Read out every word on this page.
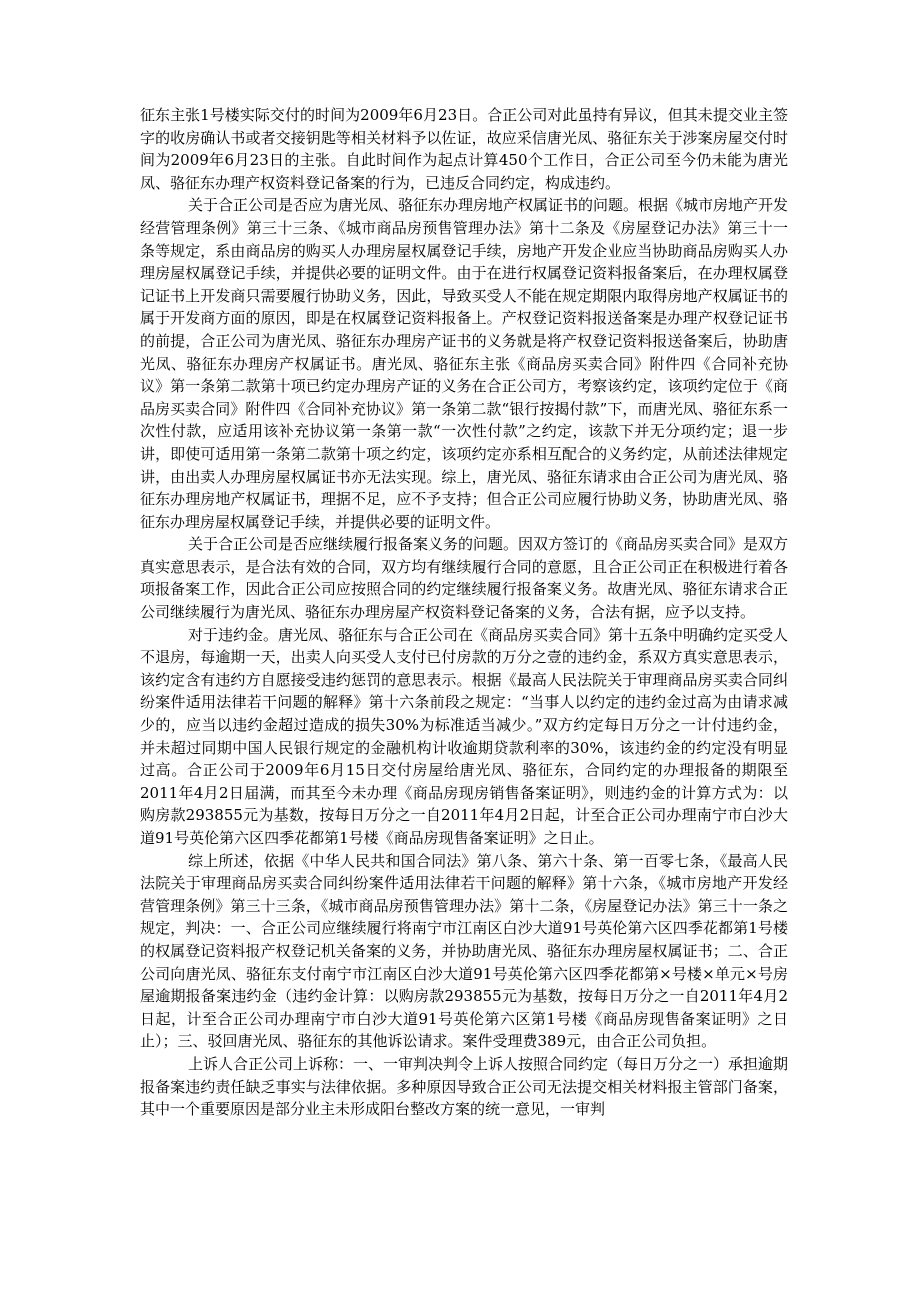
征东主张1号楼实际交付的时间为2009年6月23日。合正公司对此虽持有异议，但其未提交业主签字的收房确认书或者交接钥匙等相关材料予以佐证，故应采信唐光凤、骆征东关于涉案房屋交付时间为2009年6月23日的主张。自此时间作为起点计算450个工作日，合正公司至今仍未能为唐光凤、骆征东办理产权资料登记备案的行为，已违反合同约定，构成违约。

关于合正公司是否应为唐光凤、骆征东办理房地产权属证书的问题。根据《城市房地产开发经营管理条例》第三十三条、《城市商品房预售管理办法》第十二条及《房屋登记办法》第三十一条等规定，系由商品房的购买人办理房屋权属登记手续，房地产开发企业应当协助商品房购买人办理房屋权属登记手续，并提供必要的证明文件。由于在进行权属登记资料报备案后，在办理权属登记证书上开发商只需要履行协助义务，因此，导致买受人不能在规定期限内取得房地产权属证书的属于开发商方面的原因，即是在权属登记资料报备上。产权登记资料报送备案是办理产权登记证书的前提，合正公司为唐光凤、骆征东办理房产证书的义务就是将产权登记资料报送备案后，协助唐光凤、骆征东办理房产权属证书。唐光凤、骆征东主张《商品房买卖合同》附件四《合同补充协议》第一条第二款第十项已约定办理房产证的义务在合正公司方，考察该约定，该项约定位于《商品房买卖合同》附件四《合同补充协议》第一条第二款“银行按揭付款”下，而唐光凤、骆征东系一次性付款，应适用该补充协议第一条第一款“一次性付款”之约定，该款下并无分项约定；退一步讲，即使可适用第一条第二款第十项之约定，该项约定亦系相互配合的义务约定，从前述法律规定讲，由出卖人办理房屋权属证书亦无法实现。综上，唐光凤、骆征东请求由合正公司为唐光凤、骆征东办理房地产权属证书，理据不足，应不予支持；但合正公司应履行协助义务，协助唐光凤、骆征东办理房屋权属登记手续，并提供必要的证明文件。

关于合正公司是否应继续履行报备案义务的问题。因双方签订的《商品房买卖合同》是双方真实意思表示，是合法有效的合同，双方均有继续履行合同的意愿，且合正公司正在积极进行着各项报备案工作，因此合正公司应按照合同的约定继续履行报备案义务。故唐光凤、骆征东请求合正公司继续履行为唐光凤、骆征东办理房屋产权资料登记备案的义务，合法有据，应予以支持。

对于违约金。唐光凤、骆征东与合正公司在《商品房买卖合同》第十五条中明确约定买受人不退房，每逾期一天，出卖人向买受人支付已付房款的万分之壹的违约金，系双方真实意思表示，该约定含有违约方自愿接受违约惩罚的意思表示。根据《最高人民法院关于审理商品房买卖合同纠纷案件适用法律若干问题的解释》第十六条前段之规定：“当事人以约定的违约金过高为由请求减少的，应当以违约金超过造成的损失30%为标准适当减少。”双方约定每日万分之一计付违约金，并未超过同期中国人民银行规定的金融机构计收逾期贷款利率的30%，该违约金的约定没有明显过高。合正公司于2009年6月15日交付房屋给唐光凤、骆征东，合同约定的办理报备的期限至2011年4月2日届满，而其至今未办理《商品房现房销售备案证明》，则违约金的计算方式为：以购房款293855元为基数，按每日万分之一自2011年4月2日起，计至合正公司办理南宁市白沙大道91号英伦第六区四季花都第1号楼《商品房现售备案证明》之日止。

综上所述，依据《中华人民共和国合同法》第八条、第六十条、第一百零七条，《最高人民法院关于审理商品房买卖合同纠纷案件适用法律若干问题的解释》第十六条，《城市房地产开发经营管理条例》第三十三条，《城市商品房预售管理办法》第十二条，《房屋登记办法》第三十一条之规定，判决：一、合正公司应继续履行将南宁市江南区白沙大道91号英伦第六区四季花都第1号楼的权属登记资料报产权登记机关备案的义务，并协助唐光凤、骆征东办理房屋权属证书；二、合正公司向唐光凤、骆征东支付南宁市江南区白沙大道91号英伦第六区四季花都第×号楼×单元×号房屋逾期报备案违约金（违约金计算：以购房款293855元为基数，按每日万分之一自2011年4月2日起，计至合正公司办理南宁市白沙大道91号英伦第六区第1号楼《商品房现售备案证明》之日止）；三、驳回唐光凤、骆征东的其他诉讼请求。案件受理费389元，由合正公司负担。

上诉人合正公司上诉称：一、一审判决判令上诉人按照合同约定（每日万分之一）承担逾期报备案违约责任缺乏事实与法律依据。多种原因导致合正公司无法提交相关材料报主管部门备案，其中一个重要原因是部分业主未形成阳台整改方案的统一意见，一审判
